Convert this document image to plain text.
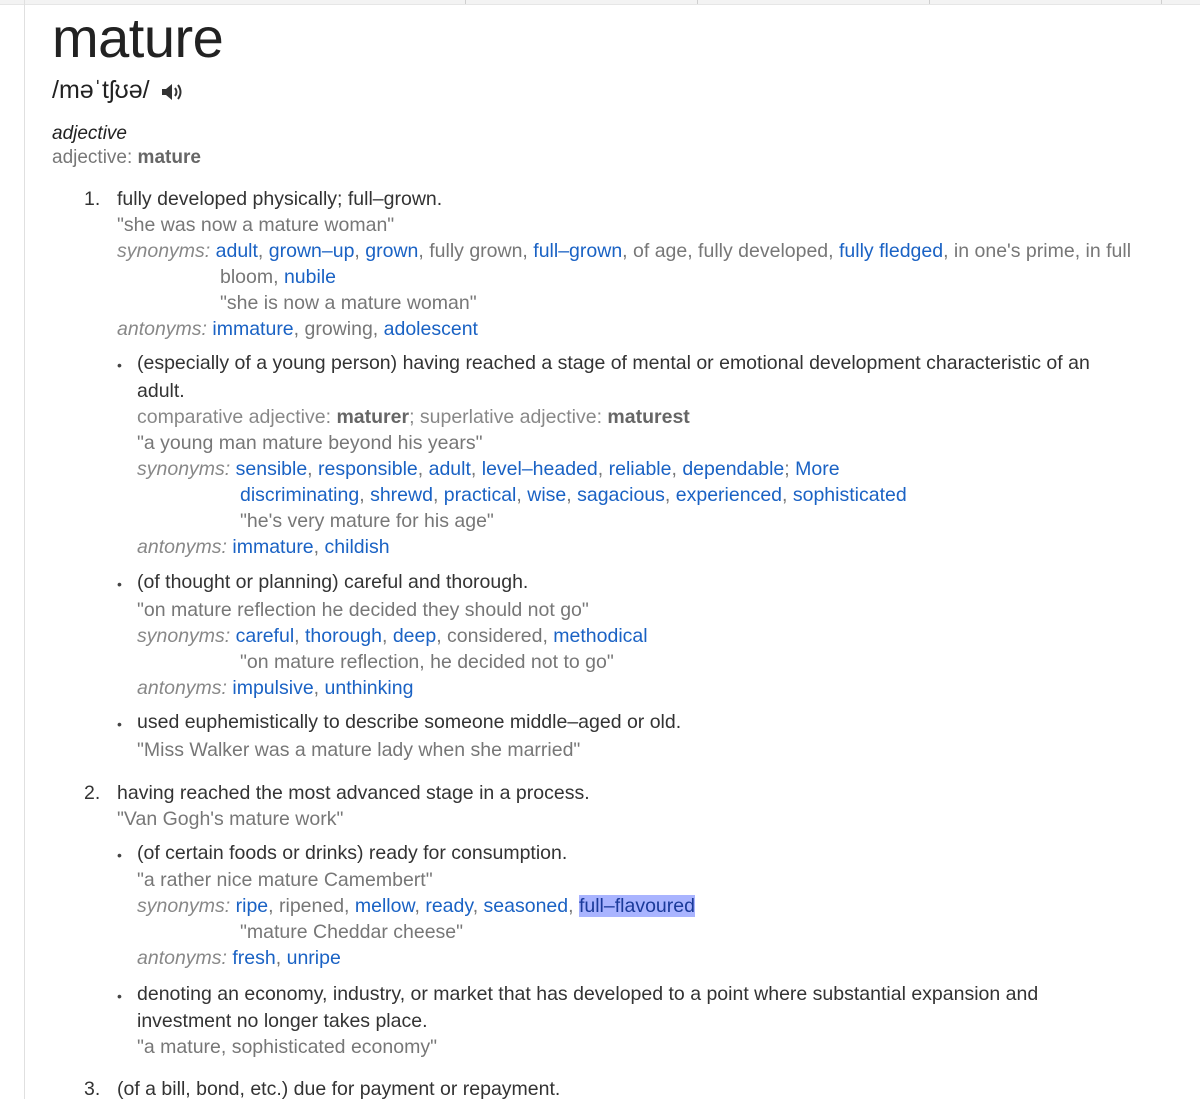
mature
/məˈtʃʊə/
adjective
adjective: mature
1. fully developed physically; full–grown.
"she was now a mature woman"
synonyms: adult, grown–up, grown, fully grown, full–grown, of age, fully developed, fully fledged, in one's prime, in full
bloom, nubile
"she is now a mature woman"
antonyms: immature, growing, adolescent
• (especially of a young person) having reached a stage of mental or emotional development characteristic of an
adult.
comparative adjective: maturer; superlative adjective: maturest
"a young man mature beyond his years"
synonyms: sensible, responsible, adult, level–headed, reliable, dependable; More
discriminating, shrewd, practical, wise, sagacious, experienced, sophisticated
"he's very mature for his age"
antonyms: immature, childish
• (of thought or planning) careful and thorough.
"on mature reflection he decided they should not go"
synonyms: careful, thorough, deep, considered, methodical
"on mature reflection, he decided not to go"
antonyms: impulsive, unthinking
• used euphemistically to describe someone middle–aged or old.
"Miss Walker was a mature lady when she married"
2. having reached the most advanced stage in a process.
"Van Gogh's mature work"
• (of certain foods or drinks) ready for consumption.
"a rather nice mature Camembert"
synonyms: ripe, ripened, mellow, ready, seasoned, full–flavoured
"mature Cheddar cheese"
antonyms: fresh, unripe
• denoting an economy, industry, or market that has developed to a point where substantial expansion and
investment no longer takes place.
"a mature, sophisticated economy"
3. (of a bill, bond, etc.) due for payment or repayment.
